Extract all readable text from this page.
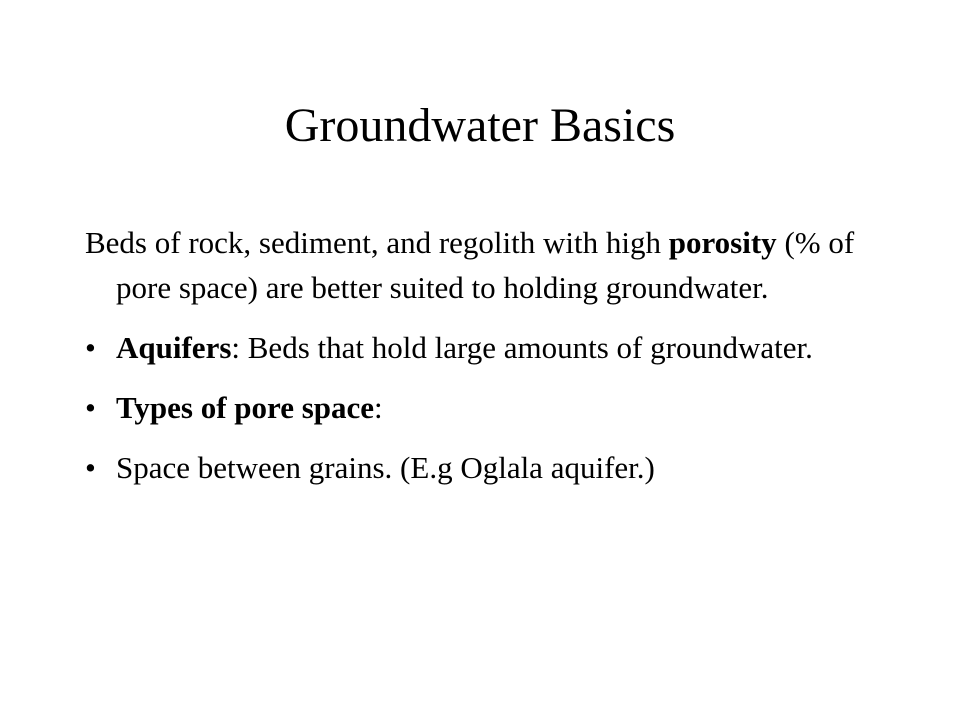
Groundwater Basics

Beds of rock, sediment, and regolith with high porosity (% of pore space) are better suited to holding groundwater.

• Aquifers: Beds that hold large amounts of groundwater.
• Types of pore space:
• Space between grains. (E.g Oglala aquifer.)
